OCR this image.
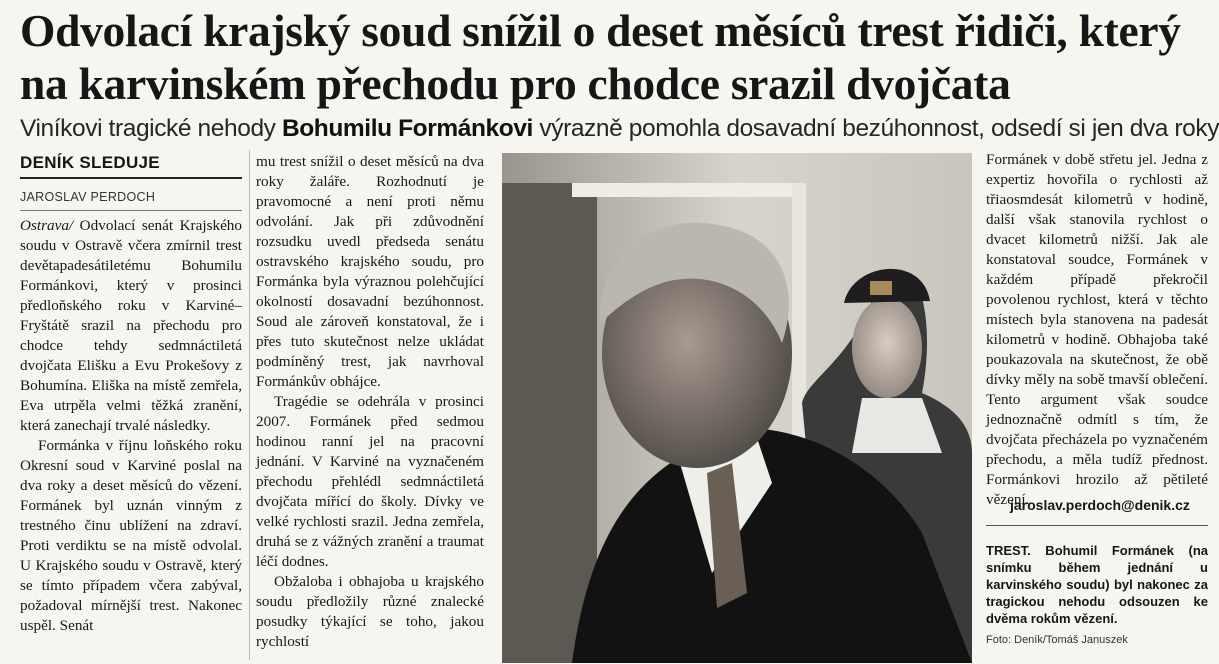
Odvolací krajský soud snížil o deset měsíců trest řidiči, který na karvinském přechodu pro chodce srazil dvojčata
Viníkovi tragické nehody Bohumilu Formánkovi výrazně pomohla dosavadní bezúhonnost, odsedí si jen dva roky
DENÍK SLEDUJE
JAROSLAV PERDOCH

Ostrava/ Odvolací senát Krajského soudu v Ostravě včera zmírnil trest devětapadesátiletému Bohumilu Formánkovi, který v prosinci předloňského roku v Karviné–Fryštátě srazil na přechodu pro chodce tehdy sedmnáctiletá dvojčata Elišku a Evu Prokešovy z Bohumína. Eliška na místě zemřela, Eva utrpěla velmi těžká zranění, která zanechají trvalé následky.

Formánka v říjnu loňského roku Okresní soud v Karviné poslal na dva roky a deset měsíců do vězení. Formánek byl uznán vinným z trestného činu ublížení na zdraví. Proti verdiktu se na místě odvolal. U Krajského soudu v Ostravě, který se tímto případem včera zabýval, požadoval mírnější trest. Nakonec uspěl. Senát

mu trest snížil o deset měsíců na dva roky žaláře. Rozhodnutí je pravomocné a není proti němu odvolání. Jak při zdůvodnění rozsudku uvedl předseda senátu ostravského krajského soudu, pro Formánka byla výraznou polehčující okolností dosavadní bezúhonnost. Soud ale zároveň konstatoval, že i přes tuto skutečnost nelze ukládat podmíněný trest, jak navrhoval Formánkův obhájce.

Tragédie se odehrála v prosinci 2007. Formánek před sedmou hodinou ranní jel na pracovní jednání. V Karviné na vyznačeném přechodu přehlédl sedmnáctiletá dvojčata mířící do školy. Dívky ve velké rychlosti srazil. Jedna zemřela, druhá se z vážných zranění a traumat léčí dodnes.

Obžaloba i obhajoba u krajského soudu předložily různé znalecké posudky týkající se toho, jakou rychlostí

Formánek v době střetu jel. Jedna z expertiz hovořila o rychlosti až třiaosmdesát kilometrů v hodině, další však stanovila rychlost o dvacet kilometrů nižší. Jak ale konstatoval soudce, Formánek v každém případě překročil povolenou rychlost, která v těchto místech byla stanovena na padesát kilometrů v hodině. Obhajoba také poukazovala na skutečnost, že obě dívky měly na sobě tmavší oblečení. Tento argument však soudce jednoznačně odmítl s tím, že dvojčata přecházela po vyznačeném přechodu, a měla tudíž přednost. Formánkovi hrozilo až pětileté vězení.

jaroslav.perdoch@denik.cz
TREST. Bohumil Formánek (na snímku během jednání u karvinského soudu) byl nakonec za tragickou nehodu odsouzen ke dvěma rokům vězení.
Foto: Deník/Tomáš Januszek
